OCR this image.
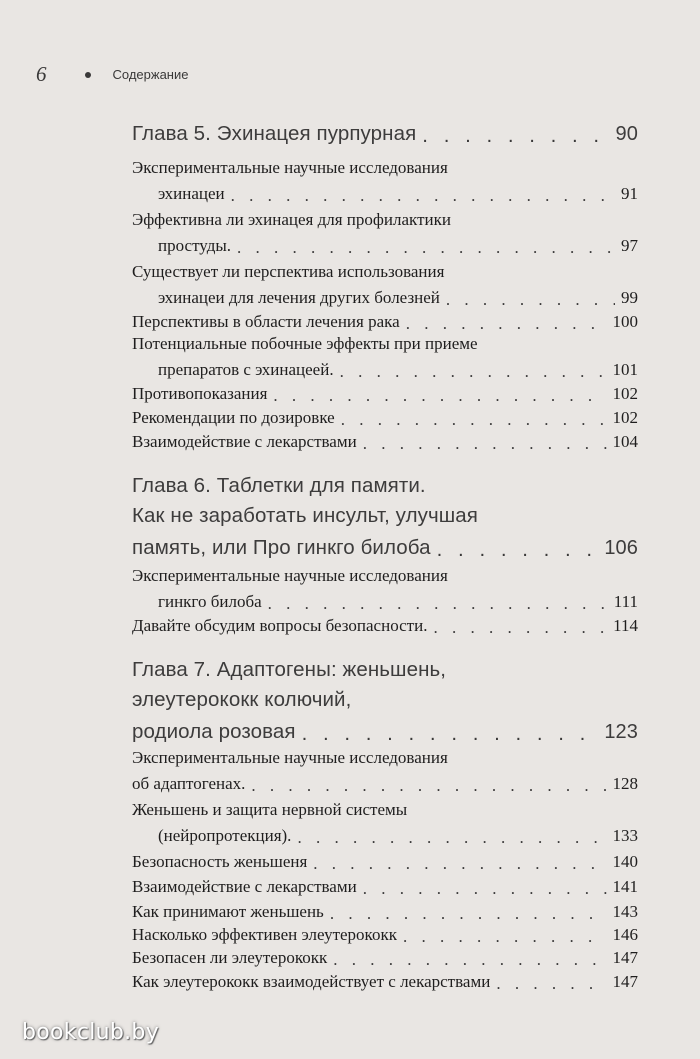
6	Содержание
Глава 5. Эхинацея пурпурная . . .	90
Экспериментальные научные исследования
эхинацеи . . .	91
Эффективна ли эхинацея для профилактики
простуды. . . .	97
Существует ли перспектива использования
эхинацеи для лечения других болезней . . .	99
Перспективы в области лечения рака . . .	100
Потенциальные побочные эффекты при приеме
препаратов с эхинацеей. . . .	101
Противопоказания . . .	102
Рекомендации по дозировке . . .	102
Взаимодействие с лекарствами . . .	104
Глава 6. Таблетки для памяти.
Как не заработать инсульт, улучшая
память, или Про гинкго билоба . . .	106
Экспериментальные научные исследования
гинкго билоба . . .	111
Давайте обсудим вопросы безопасности. . . .	114
Глава 7. Адаптогены: женьшень,
элеутерококк колючий,
родиола розовая . . .	123
Экспериментальные научные исследования
об адаптогенах. . . .	128
Женьшень и защита нервной системы
(нейропротекция). . . .	133
Безопасность женьшеня . . .	140
Взаимодействие с лекарствами . . .	141
Как принимают женьшень . . .	143
Насколько эффективен элеутерококк . . .	146
Безопасен ли элеутерококк . . .	147
Как элеутерококк взаимодействует с лекарствами . . .	147
bookclub.by
